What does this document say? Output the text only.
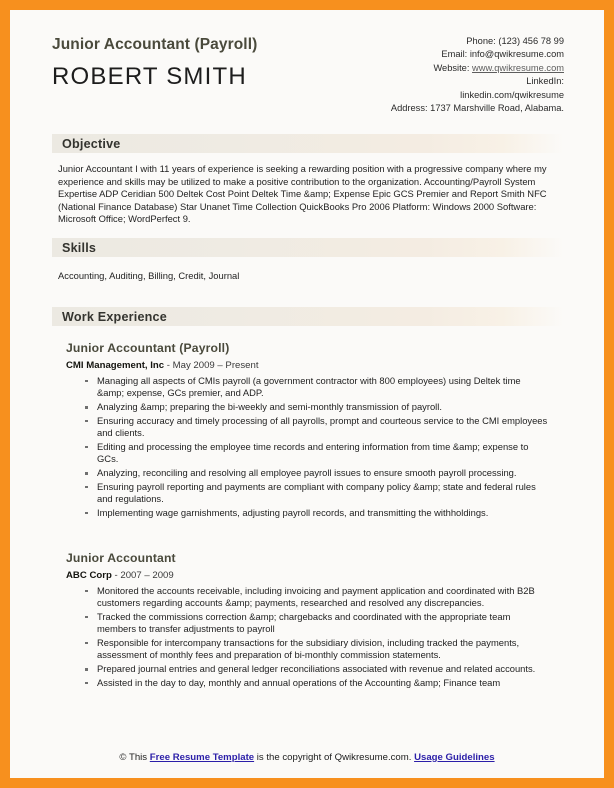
Junior Accountant (Payroll)
ROBERT SMITH
Phone: (123) 456 78 99
Email: info@qwikresume.com
Website: www.qwikresume.com
LinkedIn:
linkedin.com/qwikresume
Address: 1737 Marshville Road, Alabama.
Objective
Junior Accountant I with 11 years of experience is seeking a rewarding position with a progressive company where my experience and skills may be utilized to make a positive contribution to the organization. Accounting/Payroll System Expertise ADP Ceridian 500 Deltek Cost Point Deltek Time &amp; Expense Epic GCS Premier and Report Smith NFC (National Finance Database) Star Unanet Time Collection QuickBooks Pro 2006 Platform: Windows 2000 Software: Microsoft Office; WordPerfect 9.
Skills
Accounting, Auditing, Billing, Credit, Journal
Work Experience
Junior Accountant (Payroll)
CMI Management, Inc - May 2009 – Present
Managing all aspects of CMIs payroll (a government contractor with 800 employees) using Deltek time &amp; expense, GCs premier, and ADP.
Analyzing &amp; preparing the bi-weekly and semi-monthly transmission of payroll.
Ensuring accuracy and timely processing of all payrolls, prompt and courteous service to the CMI employees and clients.
Editing and processing the employee time records and entering information from time &amp; expense to GCs.
Analyzing, reconciling and resolving all employee payroll issues to ensure smooth payroll processing.
Ensuring payroll reporting and payments are compliant with company policy &amp; state and federal rules and regulations.
Implementing wage garnishments, adjusting payroll records, and transmitting the withholdings.
Junior Accountant
ABC Corp - 2007 – 2009
Monitored the accounts receivable, including invoicing and payment application and coordinated with B2B customers regarding accounts &amp; payments, researched and resolved any discrepancies.
Tracked the commissions correction &amp; chargebacks and coordinated with the appropriate team members to transfer adjustments to payroll
Responsible for intercompany transactions for the subsidiary division, including tracked the payments, assessment of monthly fees and preparation of bi-monthly commission statements.
Prepared journal entries and general ledger reconciliations associated with revenue and related accounts.
Assisted in the day to day, monthly and annual operations of the Accounting &amp; Finance team
© This Free Resume Template is the copyright of Qwikresume.com. Usage Guidelines
